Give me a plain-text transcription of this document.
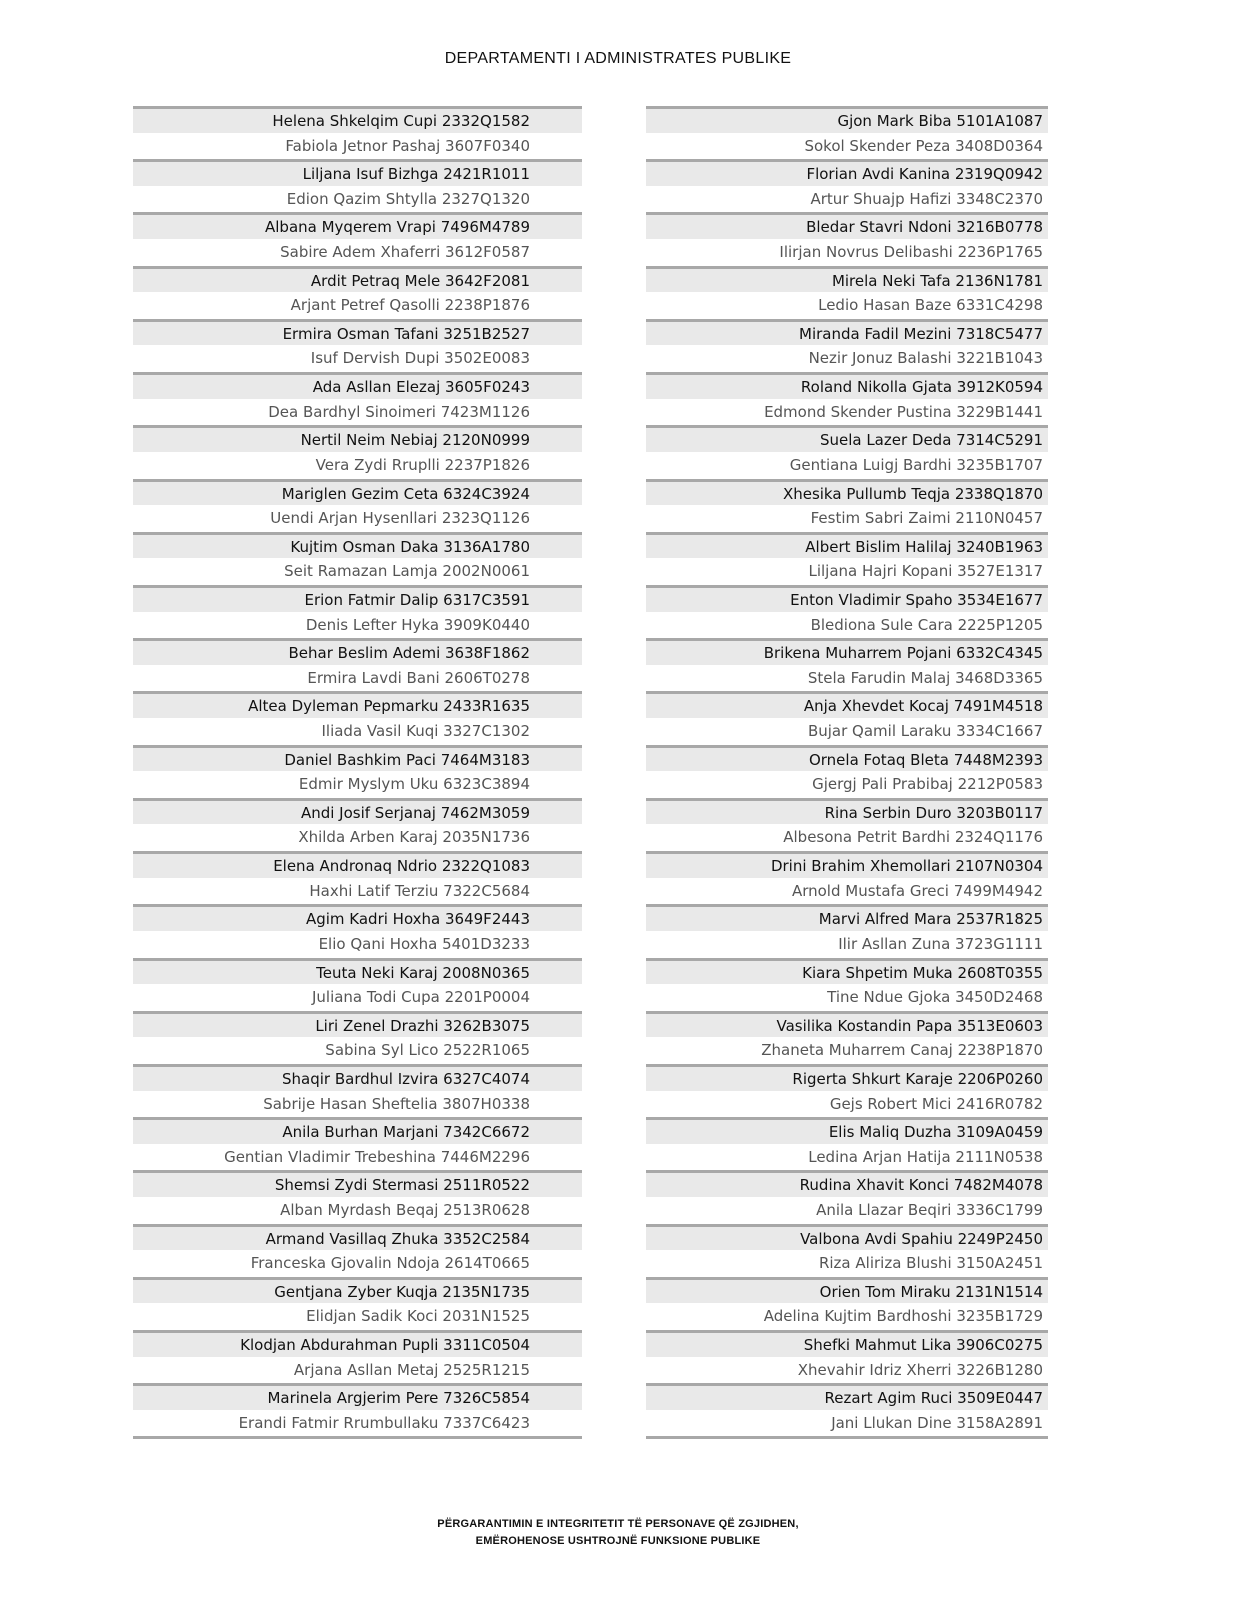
DEPARTAMENTI I ADMINISTRATES PUBLIKE
Helena Shkelqim Cupi 2332Q1582
Fabiola Jetnor Pashaj 3607F0340
Liljana Isuf Bizhga 2421R1011
Edion Qazim Shtylla 2327Q1320
Albana Myqerem Vrapi 7496M4789
Sabire Adem Xhaferri 3612F0587
Ardit Petraq Mele 3642F2081
Arjant Petref Qasolli 2238P1876
Ermira Osman Tafani 3251B2527
Isuf Dervish Dupi 3502E0083
Ada Asllan Elezaj 3605F0243
Dea Bardhyl Sinoimeri 7423M1126
Nertil Neim Nebiaj 2120N0999
Vera Zydi Rruplli 2237P1826
Mariglen Gezim Ceta 6324C3924
Uendi Arjan Hysenllari 2323Q1126
Kujtim Osman Daka 3136A1780
Seit Ramazan Lamja 2002N0061
Erion Fatmir Dalip 6317C3591
Denis Lefter Hyka 3909K0440
Behar Beslim Ademi 3638F1862
Ermira Lavdi Bani 2606T0278
Altea Dyleman Pepmarku 2433R1635
Iliada Vasil Kuqi 3327C1302
Daniel Bashkim Paci 7464M3183
Edmir Myslym Uku 6323C3894
Andi Josif Serjanaj 7462M3059
Xhilda Arben Karaj 2035N1736
Elena Andronaq Ndrio 2322Q1083
Haxhi Latif Terziu 7322C5684
Agim Kadri Hoxha 3649F2443
Elio Qani Hoxha 5401D3233
Teuta Neki Karaj 2008N0365
Juliana Todi Cupa 2201P0004
Liri Zenel Drazhi 3262B3075
Sabina Syl Lico 2522R1065
Shaqir Bardhul Izvira 6327C4074
Sabrije Hasan Sheftelia 3807H0338
Anila Burhan Marjani 7342C6672
Gentian Vladimir Trebeshina 7446M2296
Shemsi Zydi Stermasi 2511R0522
Alban Myrdash Beqaj 2513R0628
Armand Vasillaq Zhuka 3352C2584
Franceska Gjovalin Ndoja 2614T0665
Gentjana Zyber Kuqja 2135N1735
Elidjan Sadik Koci 2031N1525
Klodjan Abdurahman Pupli 3311C0504
Arjana Asllan Metaj 2525R1215
Marinela Argjerim Pere 7326C5854
Erandi Fatmir Rrumbullaku 7337C6423
Gjon Mark Biba 5101A1087
Sokol Skender Peza 3408D0364
Florian Avdi Kanina 2319Q0942
Artur Shuajp Hafizi 3348C2370
Bledar Stavri Ndoni 3216B0778
Ilirjan Novrus Delibashi 2236P1765
Mirela Neki Tafa 2136N1781
Ledio Hasan Baze 6331C4298
Miranda Fadil Mezini 7318C5477
Nezir Jonuz Balashi 3221B1043
Roland Nikolla Gjata 3912K0594
Edmond Skender Pustina 3229B1441
Suela Lazer Deda 7314C5291
Gentiana Luigj Bardhi 3235B1707
Xhesika Pullumb Teqja 2338Q1870
Festim Sabri Zaimi 2110N0457
Albert Bislim Halilaj 3240B1963
Liljana Hajri Kopani 3527E1317
Enton Vladimir Spaho 3534E1677
Blediona Sule Cara 2225P1205
Brikena Muharrem Pojani 6332C4345
Stela Farudin Malaj 3468D3365
Anja Xhevdet Kocaj 7491M4518
Bujar Qamil Laraku 3334C1667
Ornela Fotaq Bleta 7448M2393
Gjergj Pali Prabibaj 2212P0583
Rina Serbin Duro 3203B0117
Albesona Petrit Bardhi 2324Q1176
Drini Brahim Xhemollari 2107N0304
Arnold Mustafa Greci 7499M4942
Marvi Alfred Mara 2537R1825
Ilir Asllan Zuna 3723G1111
Kiara Shpetim Muka 2608T0355
Tine Ndue Gjoka 3450D2468
Vasilika Kostandin Papa 3513E0603
Zhaneta Muharrem Canaj 2238P1870
Rigerta Shkurt Karaje 2206P0260
Gejs Robert Mici 2416R0782
Elis Maliq Duzha 3109A0459
Ledina Arjan Hatija 2111N0538
Rudina Xhavit Konci 7482M4078
Anila Llazar Beqiri 3336C1799
Valbona Avdi Spahiu 2249P2450
Riza Aliriza Blushi 3150A2451
Orien Tom Miraku 2131N1514
Adelina Kujtim Bardhoshi 3235B1729
Shefki Mahmut Lika 3906C0275
Xhevahir Idriz Xherri 3226B1280
Rezart Agim Ruci 3509E0447
Jani Llukan Dine 3158A2891
PËRGARANTIMIN E INTEGRITETIT TË PERSONAVE QË ZGJIDHEN,
EMËROHENOSE USHTROJNË FUNKSIONE PUBLIKE
